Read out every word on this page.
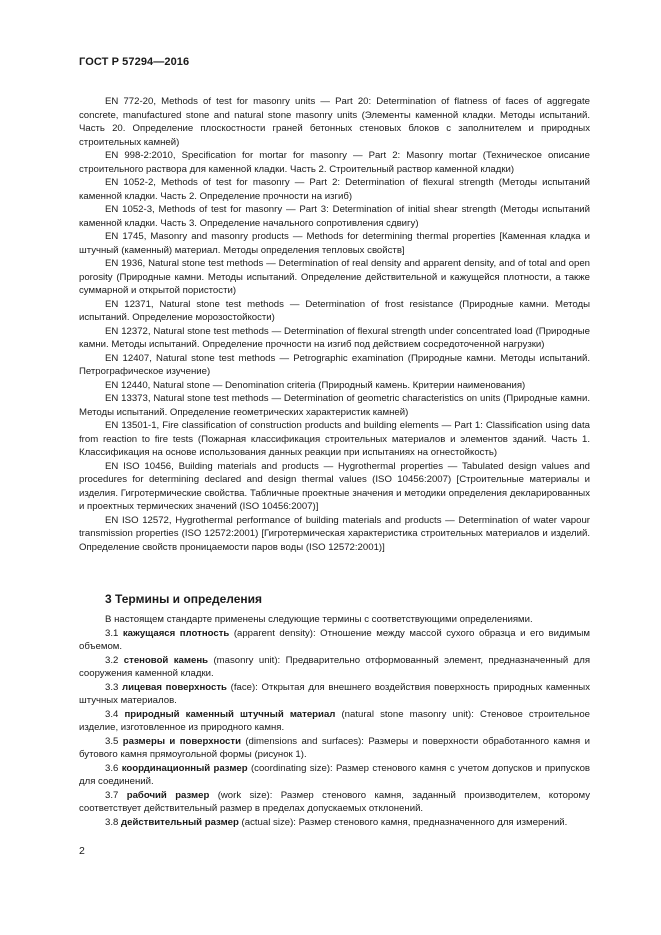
ГОСТ Р 57294—2016

EN 772-20, Methods of test for masonry units — Part 20: Determination of flatness of faces of aggregate concrete, manufactured stone and natural stone masonry units (Элементы каменной кладки. Методы испытаний. Часть 20. Определение плоскостности граней бетонных стеновых блоков с заполнителем и природных строительных камней)

EN 998-2:2010, Specification for mortar for masonry — Part 2: Masonry mortar (Техническое описание строительного раствора для каменной кладки. Часть 2. Строительный раствор каменной кладки)

EN 1052-2, Methods of test for masonry — Part 2: Determination of flexural strength (Методы испытаний каменной кладки. Часть 2. Определение прочности на изгиб)

EN 1052-3, Methods of test for masonry — Part 3: Determination of initial shear strength (Методы испытаний каменной кладки. Часть 3. Определение начального сопротивления сдвигу)

EN 1745, Masonry and masonry products — Methods for determining thermal properties [Каменная кладка и штучный (каменный) материал. Методы определения тепловых свойств]

EN 1936, Natural stone test methods — Determination of real density and apparent density, and of total and open porosity (Природные камни. Методы испытаний. Определение действительной и кажущейся плотности, а также суммарной и открытой пористости)

EN 12371, Natural stone test methods — Determination of frost resistance (Природные камни. Методы испытаний. Определение морозостойкости)

EN 12372, Natural stone test methods — Determination of flexural strength under concentrated load (Природные камни. Методы испытаний. Определение прочности на изгиб под действием сосредоточенной нагрузки)

EN 12407, Natural stone test methods — Petrographic examination (Природные камни. Методы испытаний. Петрографическое изучение)

EN 12440, Natural stone — Denomination criteria (Природный камень. Критерии наименования)

EN 13373, Natural stone test methods — Determination of geometric characteristics on units (Природные камни. Методы испытаний. Определение геометрических характеристик камней)

EN 13501-1, Fire classification of construction products and building elements — Part 1: Classification using data from reaction to fire tests (Пожарная классификация строительных материалов и элементов зданий. Часть 1. Классификация на основе использования данных реакции при испытаниях на огнестойкость)

EN ISO 10456, Building materials and products — Hygrothermal properties — Tabulated design values and procedures for determining declared and design thermal values (ISO 10456:2007) [Строительные материалы и изделия. Гигротермические свойства. Табличные проектные значения и методики определения декларированных и проектных термических значений (ISO 10456:2007)]

EN ISO 12572, Hygrothermal performance of building materials and products — Determination of water vapour transmission properties (ISO 12572:2001) [Гигротермическая характеристика строительных материалов и изделий. Определение свойств проницаемости паров воды (ISO 12572:2001)]

3 Термины и определения

В настоящем стандарте применены следующие термины с соответствующими определениями.

3.1 кажущаяся плотность (apparent density): Отношение между массой сухого образца и его видимым объемом.

3.2 стеновой камень (masonry unit): Предварительно отформованный элемент, предназначенный для сооружения каменной кладки.

3.3 лицевая поверхность (face): Открытая для внешнего воздействия поверхность природных каменных штучных материалов.

3.4 природный каменный штучный материал (natural stone masonry unit): Стеновое строительное изделие, изготовленное из природного камня.

3.5 размеры и поверхности (dimensions and surfaces): Размеры и поверхности обработанного камня и бутового камня прямоугольной формы (рисунок 1).

3.6 координационный размер (coordinating size): Размер стенового камня с учетом допусков и припусков для соединений.

3.7 рабочий размер (work size): Размер стенового камня, заданный производителем, которому соответствует действительный размер в пределах допускаемых отклонений.

3.8 действительный размер (actual size): Размер стенового камня, предназначенного для измерений.

2
